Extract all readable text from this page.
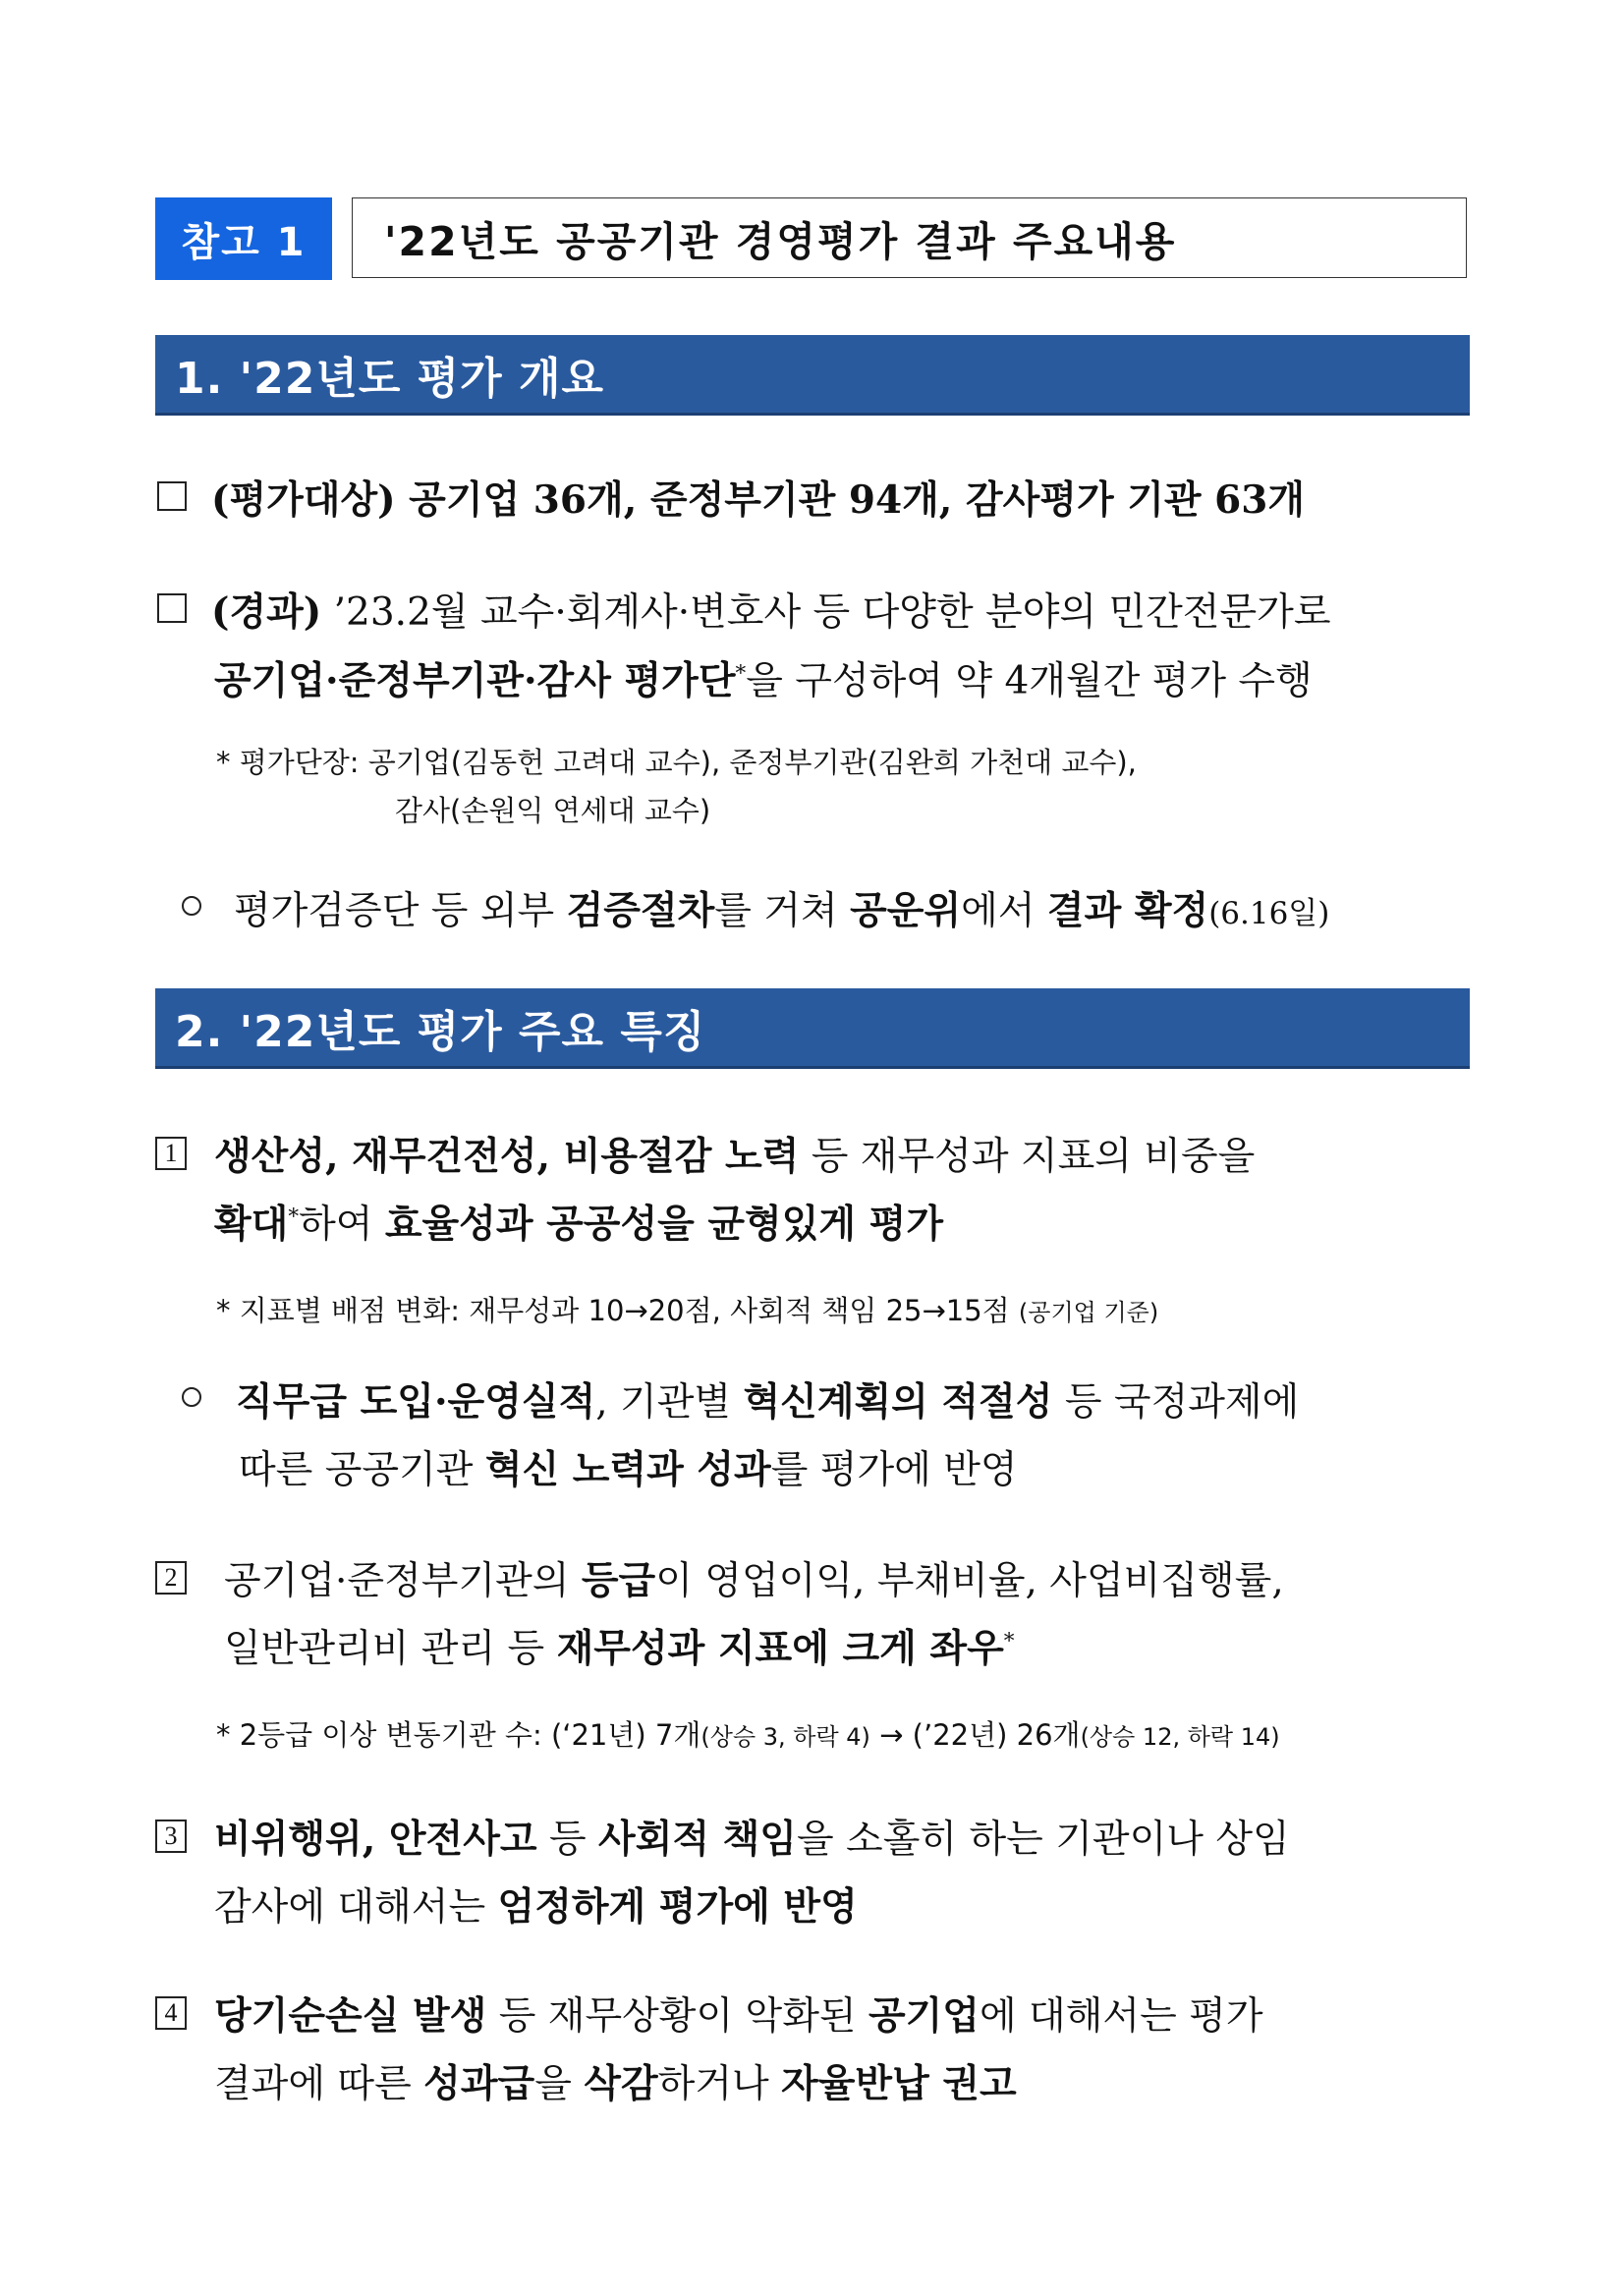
참고 1	'22년도 공공기관 경영평가 결과 주요내용
1. '22년도 평가 개요
(평가대상) 공기업 36개, 준정부기관 94개, 감사평가 기관 63개
(경과) ’23.2월 교수·회계사·변호사 등 다양한 분야의 민간전문가로
공기업·준정부기관·감사 평가단*을 구성하여 약 4개월간 평가 수행
* 평가단장: 공기업(김동헌 고려대 교수), 준정부기관(김완희 가천대 교수),
감사(손원익 연세대 교수)
평가검증단 등 외부 검증절차를 거쳐 공운위에서 결과 확정(6.16일)
2. '22년도 평가 주요 특징
1 생산성, 재무건전성, 비용절감 노력 등 재무성과 지표의 비중을
확대*하여 효율성과 공공성을 균형있게 평가
* 지표별 배점 변화: 재무성과 10→20점, 사회적 책임 25→15점 (공기업 기준)
직무급 도입·운영실적, 기관별 혁신계획의 적절성 등 국정과제에
따른 공공기관 혁신 노력과 성과를 평가에 반영
2 공기업·준정부기관의 등급이 영업이익, 부채비율, 사업비집행률,
일반관리비 관리 등 재무성과 지표에 크게 좌우*
* 2등급 이상 변동기관 수: (‘21년) 7개(상승 3, 하락 4) → (’22년) 26개(상승 12, 하락 14)
3 비위행위, 안전사고 등 사회적 책임을 소홀히 하는 기관이나 상임
감사에 대해서는 엄정하게 평가에 반영
4 당기순손실 발생 등 재무상황이 악화된 공기업에 대해서는 평가
결과에 따른 성과급을 삭감하거나 자율반납 권고
